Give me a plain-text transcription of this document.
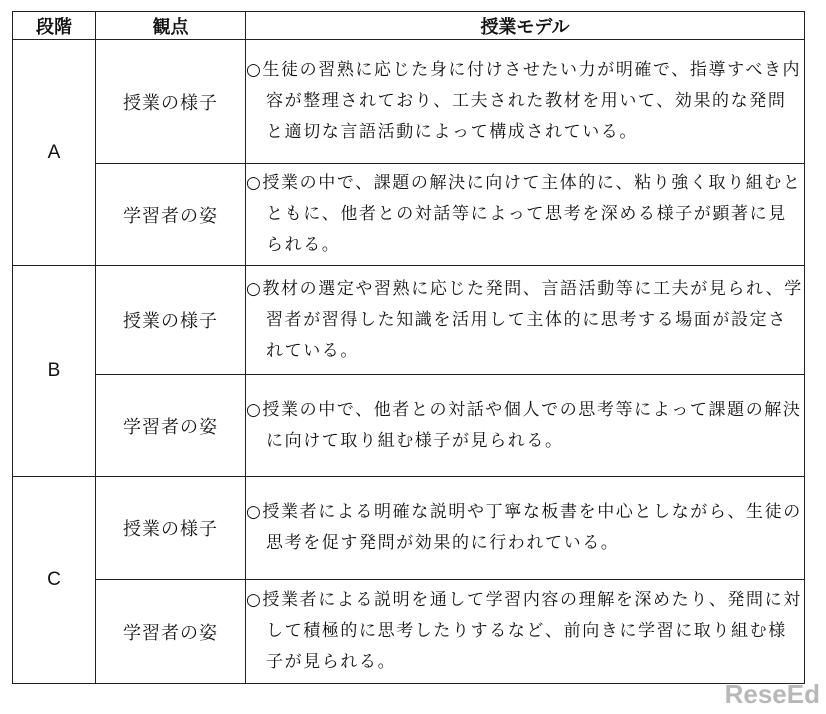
段階	観点	授業モデル
A	授業の様子	○生徒の習熟に応じた身に付けさせたい力が明確で、指導すべき内容が整理されており、工夫された教材を用いて、効果的な発問と適切な言語活動によって構成されている。

	学習者の姿	○授業の中で、課題の解決に向けて主体的に、粘り強く取り組むとともに、他者との対話等によって思考を深める様子が顕著に見られる。

B	授業の様子	○教材の選定や習熟に応じた発問、言語活動等に工夫が見られ、学習者が習得した知識を活用して主体的に思考する場面が設定されている。

	学習者の姿	○授業の中で、他者との対話や個人での思考等によって課題の解決に向けて取り組む様子が見られる。

C	授業の様子	○授業者による明確な説明や丁寧な板書を中心としながら、生徒の思考を促す発問が効果的に行われている。

	学習者の姿	○授業者による説明を通して学習内容の理解を深めたり、発問に対して積極的に思考したりするなど、前向きに学習に取り組む様子が見られる。

ReseEd
